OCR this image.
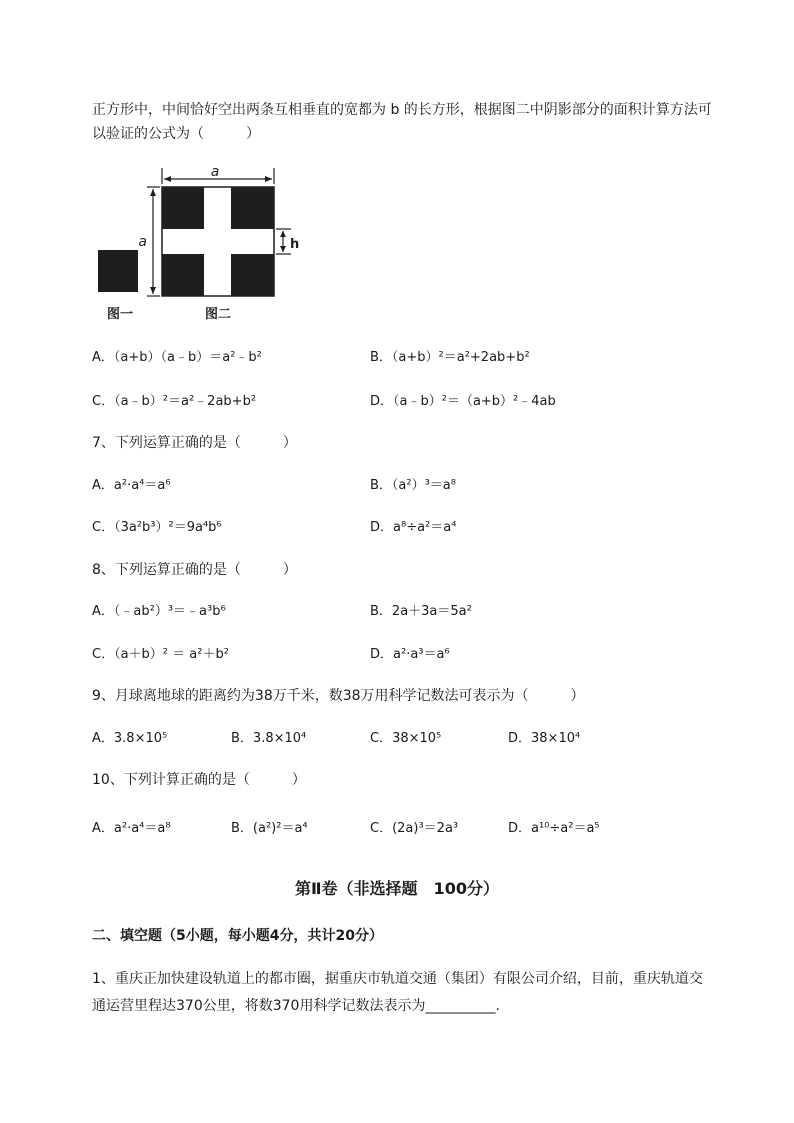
正方形中，中间恰好空出两条互相垂直的宽都为 b 的长方形，根据图二中阴影部分的面积计算方法可
以验证的公式为（　　　）
a
a	h
图一	图二
A．（a+b）（a﹣b）＝a²﹣b²	B．（a+b）²＝a²+2ab+b²
C．（a﹣b）²＝a²﹣2ab+b²	D．（a﹣b）²＝（a+b）²﹣4ab
7、下列运算正确的是（　　　）
A．a²·a⁴＝a⁶	B．（a²）³＝a⁸
C．（3a²b³）²＝9a⁴b⁶	D．a⁸÷a²＝a⁴
8、下列运算正确的是（　　　）
A．（﹣ab²）³＝﹣a³b⁶	B．2a＋3a＝5a²
C．（a＋b）² ＝ a²＋b²	D．a²·a³＝a⁶
9、月球离地球的距离约为38万千米，数38万用科学记数法可表示为（　　　）
A．3.8×10⁵	B．3.8×10⁴	C．38×10⁵	D．38×10⁴
10、下列计算正确的是（　　　）
A．a²·a⁴＝a⁸	B．(a²)²＝a⁴	C．(2a)³＝2a³	D．a¹⁰÷a²＝a⁵
第Ⅱ卷（非选择题　100分）
二、填空题（5小题，每小题4分，共计20分）
1、重庆正加快建设轨道上的都市圈，据重庆市轨道交通（集团）有限公司介绍，目前，重庆轨道交
通运营里程达370公里，将数370用科学记数法表示为__________.
